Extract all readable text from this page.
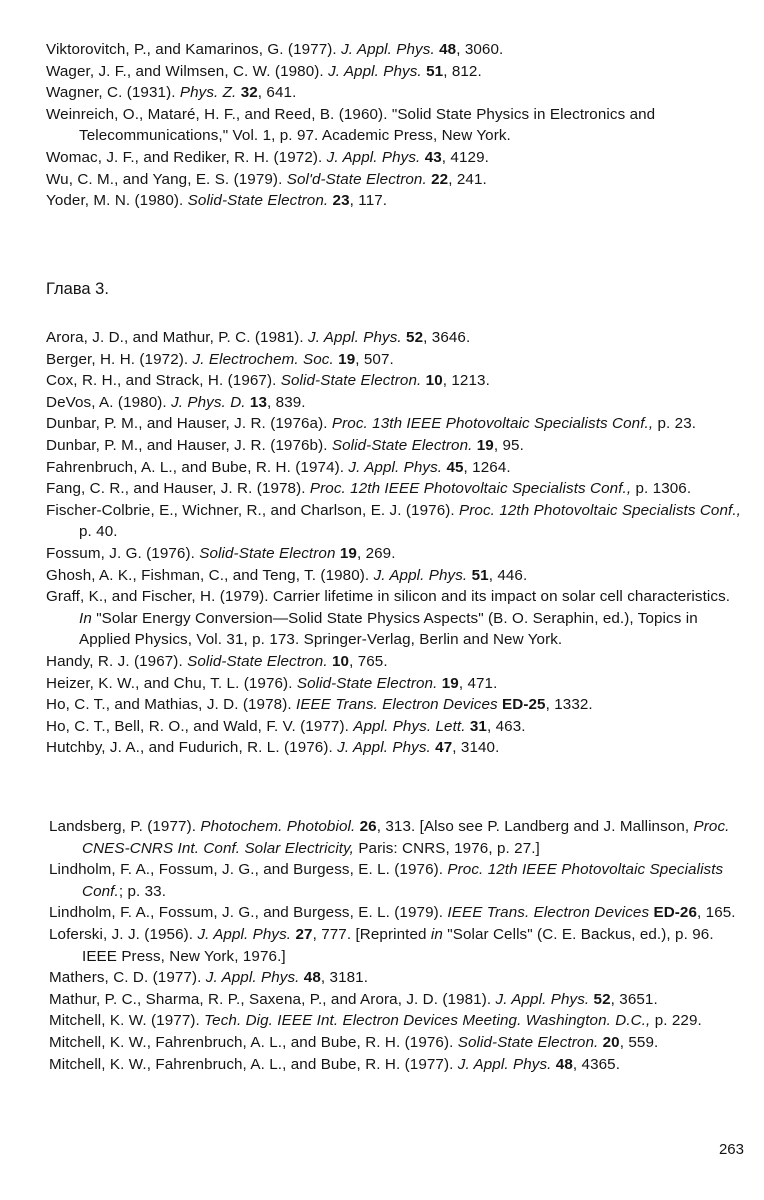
Viktorovitch, P., and Kamarinos, G. (1977). J. Appl. Phys. 48, 3060.
Wager, J. F., and Wilmsen, C. W. (1980). J. Appl. Phys. 51, 812.
Wagner, C. (1931). Phys. Z. 32, 641.
Weinreich, O., Mataré, H. F., and Reed, B. (1960). "Solid State Physics in Electronics and Telecommunications," Vol. 1, p. 97. Academic Press, New York.
Womac, J. F., and Rediker, R. H. (1972). J. Appl. Phys. 43, 4129.
Wu, C. M., and Yang, E. S. (1979). Sol'd-State Electron. 22, 241.
Yoder, M. N. (1980). Solid-State Electron. 23, 117.
Глава 3.
Arora, J. D., and Mathur, P. C. (1981). J. Appl. Phys. 52, 3646.
Berger, H. H. (1972). J. Electrochem. Soc. 19, 507.
Cox, R. H., and Strack, H. (1967). Solid-State Electron. 10, 1213.
DeVos, A. (1980). J. Phys. D. 13, 839.
Dunbar, P. M., and Hauser, J. R. (1976a). Proc. 13th IEEE Photovoltaic Specialists Conf., p. 23.
Dunbar, P. M., and Hauser, J. R. (1976b). Solid-State Electron. 19, 95.
Fahrenbruch, A. L., and Bube, R. H. (1974). J. Appl. Phys. 45, 1264.
Fang, C. R., and Hauser, J. R. (1978). Proc. 12th IEEE Photovoltaic Specialists Conf., p. 1306.
Fischer-Colbrie, E., Wichner, R., and Charlson, E. J. (1976). Proc. 12th Photovoltaic Specialists Conf., p. 40.
Fossum, J. G. (1976). Solid-State Electron 19, 269.
Ghosh, A. K., Fishman, C., and Teng, T. (1980). J. Appl. Phys. 51, 446.
Graff, K., and Fischer, H. (1979). Carrier lifetime in silicon and its impact on solar cell characteristics. In "Solar Energy Conversion—Solid State Physics Aspects" (B. O. Seraphin, ed.), Topics in Applied Physics, Vol. 31, p. 173. Springer-Verlag, Berlin and New York.
Handy, R. J. (1967). Solid-State Electron. 10, 765.
Heizer, K. W., and Chu, T. L. (1976). Solid-State Electron. 19, 471.
Ho, C. T., and Mathias, J. D. (1978). IEEE Trans. Electron Devices ED-25, 1332.
Ho, C. T., Bell, R. O., and Wald, F. V. (1977). Appl. Phys. Lett. 31, 463.
Hutchby, J. A., and Fudurich, R. L. (1976). J. Appl. Phys. 47, 3140.
Landsberg, P. (1977). Photochem. Photobiol. 26, 313. [Also see P. Landberg and J. Mallinson, Proc. CNES-CNRS Int. Conf. Solar Electricity, Paris: CNRS, 1976, p. 27.]
Lindholm, F. A., Fossum, J. G., and Burgess, E. L. (1976). Proc. 12th IEEE Photovoltaic Specialists Conf.; p. 33.
Lindholm, F. A., Fossum, J. G., and Burgess, E. L. (1979). IEEE Trans. Electron Devices ED-26, 165.
Loferski, J. J. (1956). J. Appl. Phys. 27, 777. [Reprinted in "Solar Cells" (C. E. Backus, ed.), p. 96. IEEE Press, New York, 1976.]
Mathers, C. D. (1977). J. Appl. Phys. 48, 3181.
Mathur, P. C., Sharma, R. P., Saxena, P., and Arora, J. D. (1981). J. Appl. Phys. 52, 3651.
Mitchell, K. W. (1977). Tech. Dig. IEEE Int. Electron Devices Meeting. Washington. D.C., p. 229.
Mitchell, K. W., Fahrenbruch, A. L., and Bube, R. H. (1976). Solid-State Electron. 20, 559.
Mitchell, K. W., Fahrenbruch, A. L., and Bube, R. H. (1977). J. Appl. Phys. 48, 4365.
263
